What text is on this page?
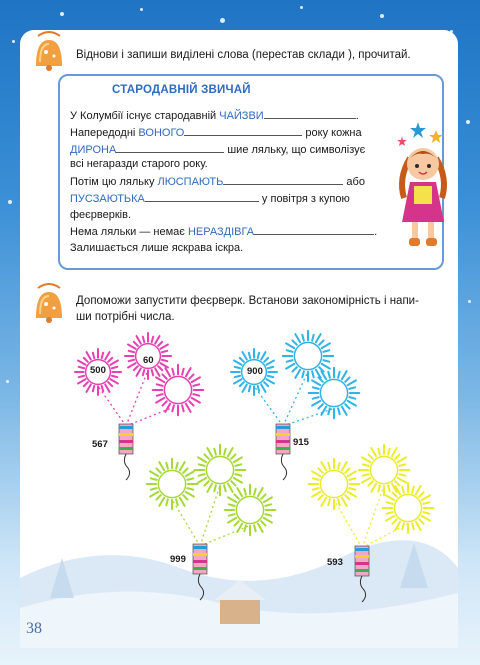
Віднови і запиши виділені слова (перестав склади ), прочитай.
СТАРОДАВНІЙ ЗВИЧАЙ
У Колумбії існує стародавній ЧАЙЗВИ	.
Напередодні ВОНОГО	року кожна
ДИРОНА	шие ляльку, що символізує
всі негаразди старого року.
Потім цю ляльку ЛЮСПАЮТЬ	або
ПУСЗАЮТЬКА	у повітря з купою
феєрверків.
Нема ляльки — немає НЕРАЗДІВГА	.
Залишається лише яскрава іскра.
Допоможи запустити феєрверк. Встанови закономірність і напи-
ши потрібні числа.
500
60
567
900
915
999	593
38
